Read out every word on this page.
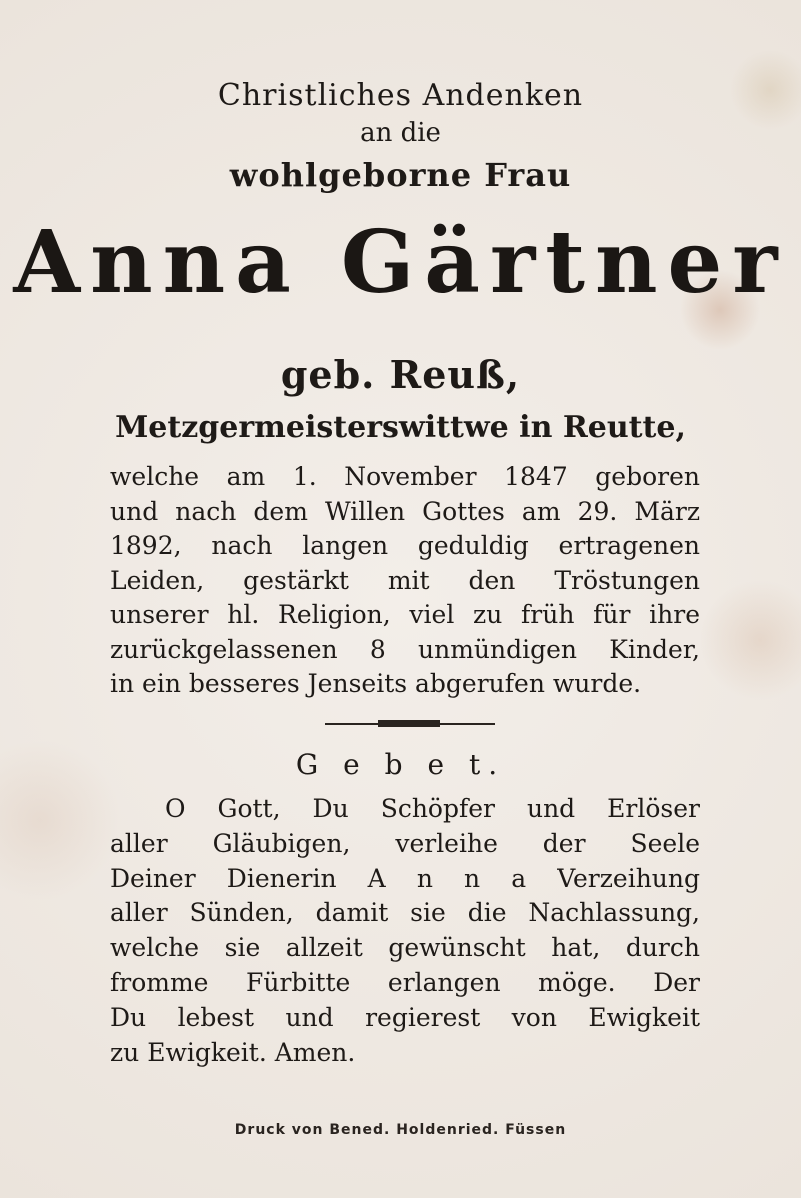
Christliches Andenken
an die
wohlgeborne Frau
Anna Gärtner
geb. Reuß,
Metzgermeisterswittwe in Reutte,
welche am 1. November 1847 geboren
und nach dem Willen Gottes am 29. März
1892, nach langen geduldig ertragenen
Leiden, gestärkt mit den Tröstungen
unserer hl. Religion, viel zu früh für ihre
zurückgelassenen 8 unmündigen Kinder,
in ein besseres Jenseits abgerufen wurde.
G e b e t.
O Gott, Du Schöpfer und Erlöser
aller Gläubigen, verleihe der Seele
Deiner Dienerin A n n a Verzeihung
aller Sünden, damit sie die Nachlassung,
welche sie allzeit gewünscht hat, durch
fromme Fürbitte erlangen möge. Der
Du lebest und regierest von Ewigkeit
zu Ewigkeit. Amen.
Druck von Bened. Holdenried. Füssen
